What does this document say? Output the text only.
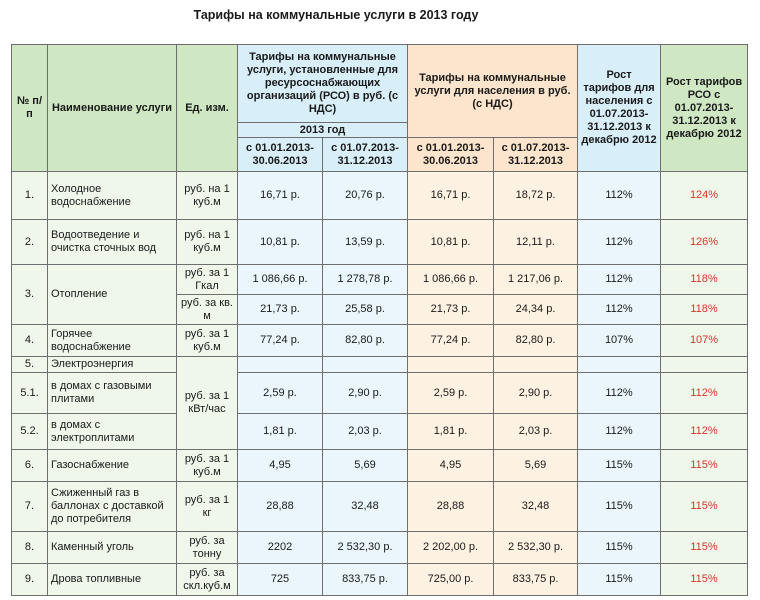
Тарифы на коммунальные услуги в 2013 году
№ п/п	Наименование услуги	Ед. изм.	Тарифы на коммунальные услуги, установленные для ресурсоснабжающих организаций (РСО) в руб. (с НДС)		Тарифы на коммунальные услуги для населения в руб. (с НДС)		Рост тарифов для населения с 01.07.2013-31.12.2013 к декабрю 2012	Рост тарифов РСО с 01.07.2013-31.12.2013 к декабрю 2012
			2013 год					
			с 01.01.2013-30.06.2013	с 01.07.2013-31.12.2013	с 01.01.2013-30.06.2013	с 01.07.2013-31.12.2013		
1.	Холодное водоснабжение	руб. на 1 куб.м	16,71 р.	20,76 р.	16,71 р.	18,72 р.	112%	124%
2.	Водоотведение и очистка сточных вод	руб. на 1 куб.м	10,81 р.	13,59 р.	10,81 р.	12,11 р.	112%	126%
3.	Отопление	руб. за 1 Гкал	1 086,66 р.	1 278,78 р.	1 086,66 р.	1 217,06 р.	112%	118%
		руб. за кв. м	21,73 р.	25,58 р.	21,73 р.	24,34 р.	112%	118%
4.	Горячее водоснабжение	руб. за 1 куб.м	77,24 р.	82,80 р.	77,24 р.	82,80 р.	107%	107%
5.	Электроэнергия	руб. за 1 кВт/час						
5.1.	в домах с газовыми плитами		2,59 р.	2,90 р.	2,59 р.	2,90 р.	112%	112%
5.2.	в домах с электроплитами		1,81 р.	2,03 р.	1,81 р.	2,03 р.	112%	112%
6.	Газоснабжение	руб. за 1 куб.м	4,95	5,69	4,95	5,69	115%	115%
7.	Сжиженный газ в баллонах с доставкой до потребителя	руб. за 1 кг	28,88	32,48	28,88	32,48	115%	115%
8.	Каменный уголь	руб. за тонну	2202	2 532,30 р.	2 202,00 р.	2 532,30 р.	115%	115%
9.	Дрова топливные	руб. за скл.куб.м	725	833,75 р.	725,00 р.	833,75 р.	115%	115%
